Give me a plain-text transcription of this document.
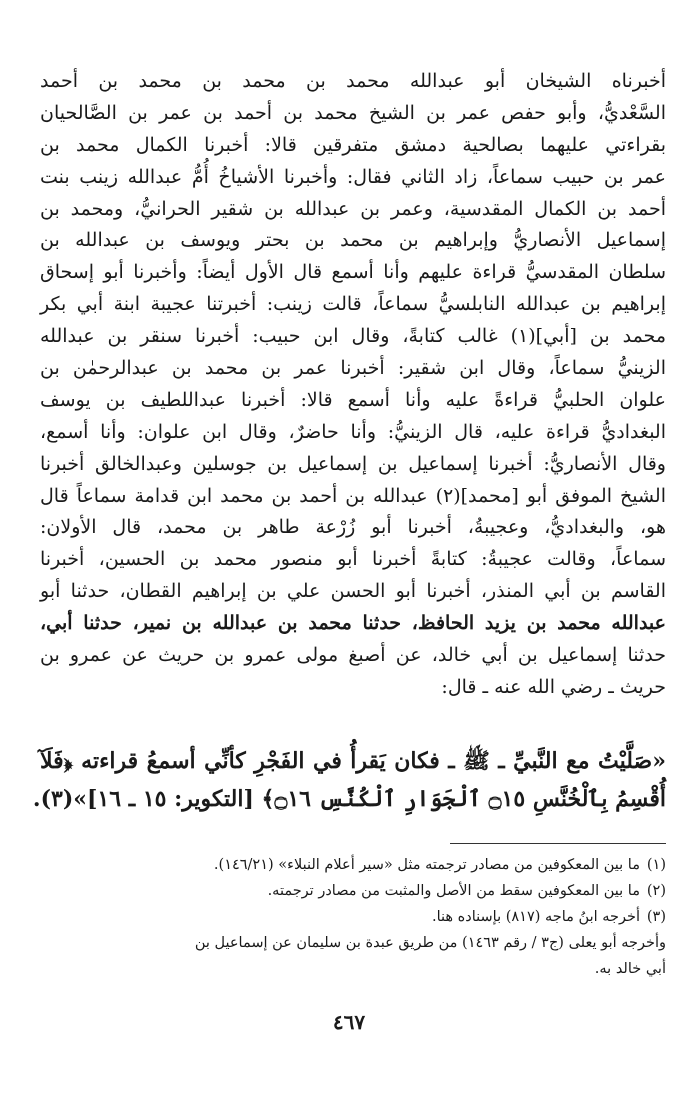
أخبرناه الشيخان أبو عبدالله محمد بن محمد بن محمد بن أحمد
السَّعْديُّ، وأبو حفص عمر بن الشيخ محمد بن أحمد بن عمر بن الصَّالحيان
بقراءتي عليهما بصالحية دمشق متفرقين قالا: أخبرنا الكمال محمد بن
عمر بن حبيب سماعاً، زاد الثاني فقال: وأخبرنا الأشياخُ أُمُّ عبدالله زينب بنت
أحمد بن الكمال المقدسية، وعمر بن عبدالله بن شقير الحرانيُّ، ومحمد بن
إسماعيل الأنصاريُّ وإبراهيم بن محمد بن بحتر ويوسف بن عبدالله بن
سلطان المقدسيُّ قراءة عليهم وأنا أسمع قال الأول أيضاً: وأخبرنا أبو إسحاق
إبراهيم بن عبدالله النابلسيُّ سماعاً، قالت زينب: أخبرتنا عجيبة ابنة أبي بكر
محمد بن [أبي](١) غالب كتابةً، وقال ابن حبيب: أخبرنا سنقر بن عبدالله
الزينيُّ سماعاً، وقال ابن شقير: أخبرنا عمر بن محمد بن عبدالرحمٰن بن
علوان الحلبيُّ قراءةً عليه وأنا أسمع قالا: أخبرنا عبداللطيف بن يوسف
البغداديُّ قراءة عليه، قال الزينيُّ: وأنا حاضرٌ، وقال ابن علوان: وأنا أسمع،
وقال الأنصاريُّ: أخبرنا إسماعيل بن إسماعيل بن جوسلين وعبدالخالق أخبرنا
الشيخ الموفق أبو [محمد](٢) عبدالله بن أحمد بن محمد ابن قدامة سماعاً قال
هو، والبغداديُّ، وعجيبةُ، أخبرنا أبو زُرْعة طاهر بن محمد، قال الأولان:
سماعاً، وقالت عجيبةُ: كتابةً أخبرنا أبو منصور محمد بن الحسين، أخبرنا
القاسم بن أبي المنذر، أخبرنا أبو الحسن علي بن إبراهيم القطان، حدثنا أبو
عبدالله محمد بن يزيد الحافظ، حدثنا محمد بن عبدالله بن نمير، حدثنا أبي،
حدثنا إسماعيل بن أبي خالد، عن أصبغ مولى عمرو بن حريث عن عمرو بن
حريث ـ رضي الله عنه ـ قال:
«صَلَّيْتُ مع النَّبيِّ ـ ﷺ ـ فكان يَقرأُ في الفَجْرِ كأنِّي أسمعُ قراءته ﴿فَلَآ
أُقْسِمُ بِٱلْخُنَّسِ ۝١٥ ٱلْجَوَارِ ٱلْكُنَّسِ ۝١٦﴾ [التكوير: ١٥ ـ ١٦]»(٣).
(١)ما بين المعكوفين من مصادر ترجمته مثل «سير أعلام النبلاء» (١٤٦/٢١).
(٢)ما بين المعكوفين سقط من الأصل والمثبت من مصادر ترجمته.
(٣)أخرجه ابنُ ماجه (٨١٧) بإسناده هنا.
وأخرجه أبو يعلى (ج٣ / رقم ١٤٦٣) من طريق عبدة بن سليمان عن إسماعيل بن
أبي خالد به.
٤٦٧
